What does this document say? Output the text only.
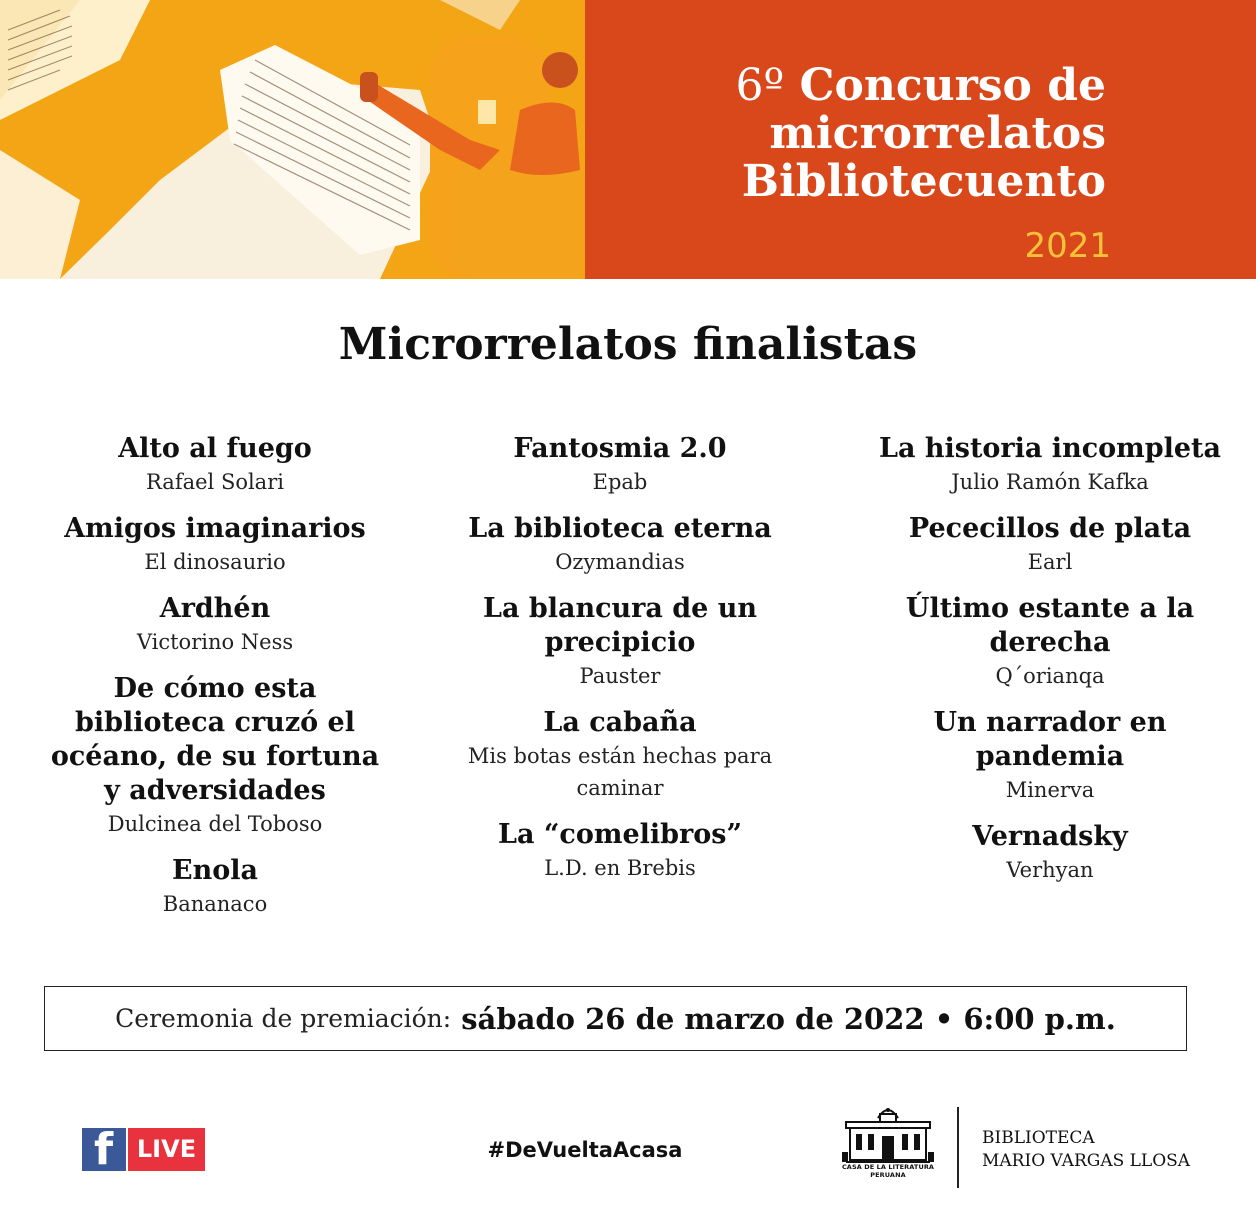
6º Concurso de
microrrelatos
Bibliotecuento
2021
Microrrelatos finalistas
Alto al fuego
Rafael Solari
Amigos imaginarios
El dinosaurio
Ardhén
Victorino Ness
De cómo esta biblioteca cruzó el océano, de su fortuna y adversidades
Dulcinea del Toboso
Enola
Bananaco
Fantosmia 2.0
Epab
La biblioteca eterna
Ozymandias
La blancura de un precipicio
Pauster
La cabaña
Mis botas están hechas para caminar
La “comelibros”
L.D. en Brebis
La historia incompleta
Julio Ramón Kafka
Pececillos de plata
Earl
Último estante a la derecha
Q´orianqa
Un narrador en pandemia
Minerva
Vernadsky
Verhyan
Ceremonia de premiación: sábado 26 de marzo de 2022 • 6:00 p.m.
f LIVE	#DeVueltaAcasa
CASA DE LA LITERATURA PERUANA
BIBLIOTECA
MARIO VARGAS LLOSA
